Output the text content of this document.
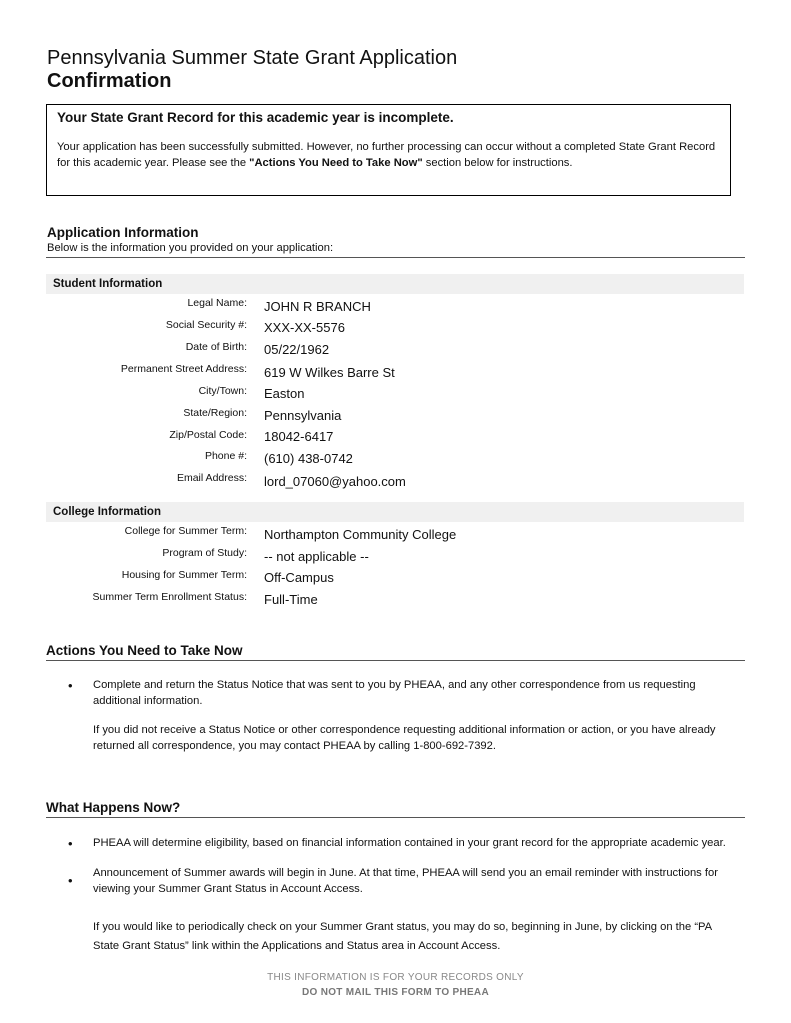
Pennsylvania Summer State Grant Application
Confirmation
Your State Grant Record for this academic year is incomplete.
Your application has been successfully submitted. However, no further processing can occur without a completed State Grant Record for this academic year. Please see the "Actions You Need to Take Now" section below for instructions.
Application Information
Below is the information you provided on your application:
Student Information
Legal Name: JOHN R BRANCH
Social Security #: XXX-XX-5576
Date of Birth: 05/22/1962
Permanent Street Address: 619 W Wilkes Barre St
City/Town: Easton
State/Region: Pennsylvania
Zip/Postal Code: 18042-6417
Phone #: (610) 438-0742
Email Address: lord_07060@yahoo.com
College Information
College for Summer Term: Northampton Community College
Program of Study: -- not applicable --
Housing for Summer Term: Off-Campus
Summer Term Enrollment Status: Full-Time
Actions You Need to Take Now
• Complete and return the Status Notice that was sent to you by PHEAA, and any other correspondence from us requesting additional information.
If you did not receive a Status Notice or other correspondence requesting additional information or action, or you have already returned all correspondence, you may contact PHEAA by calling 1-800-692-7392.
What Happens Now?
• PHEAA will determine eligibility, based on financial information contained in your grant record for the appropriate academic year.
• Announcement of Summer awards will begin in June. At that time, PHEAA will send you an email reminder with instructions for viewing your Summer Grant Status in Account Access.
If you would like to periodically check on your Summer Grant status, you may do so, beginning in June, by clicking on the “PA State Grant Status” link within the Applications and Status area in Account Access.
THIS INFORMATION IS FOR YOUR RECORDS ONLY
DO NOT MAIL THIS FORM TO PHEAA
